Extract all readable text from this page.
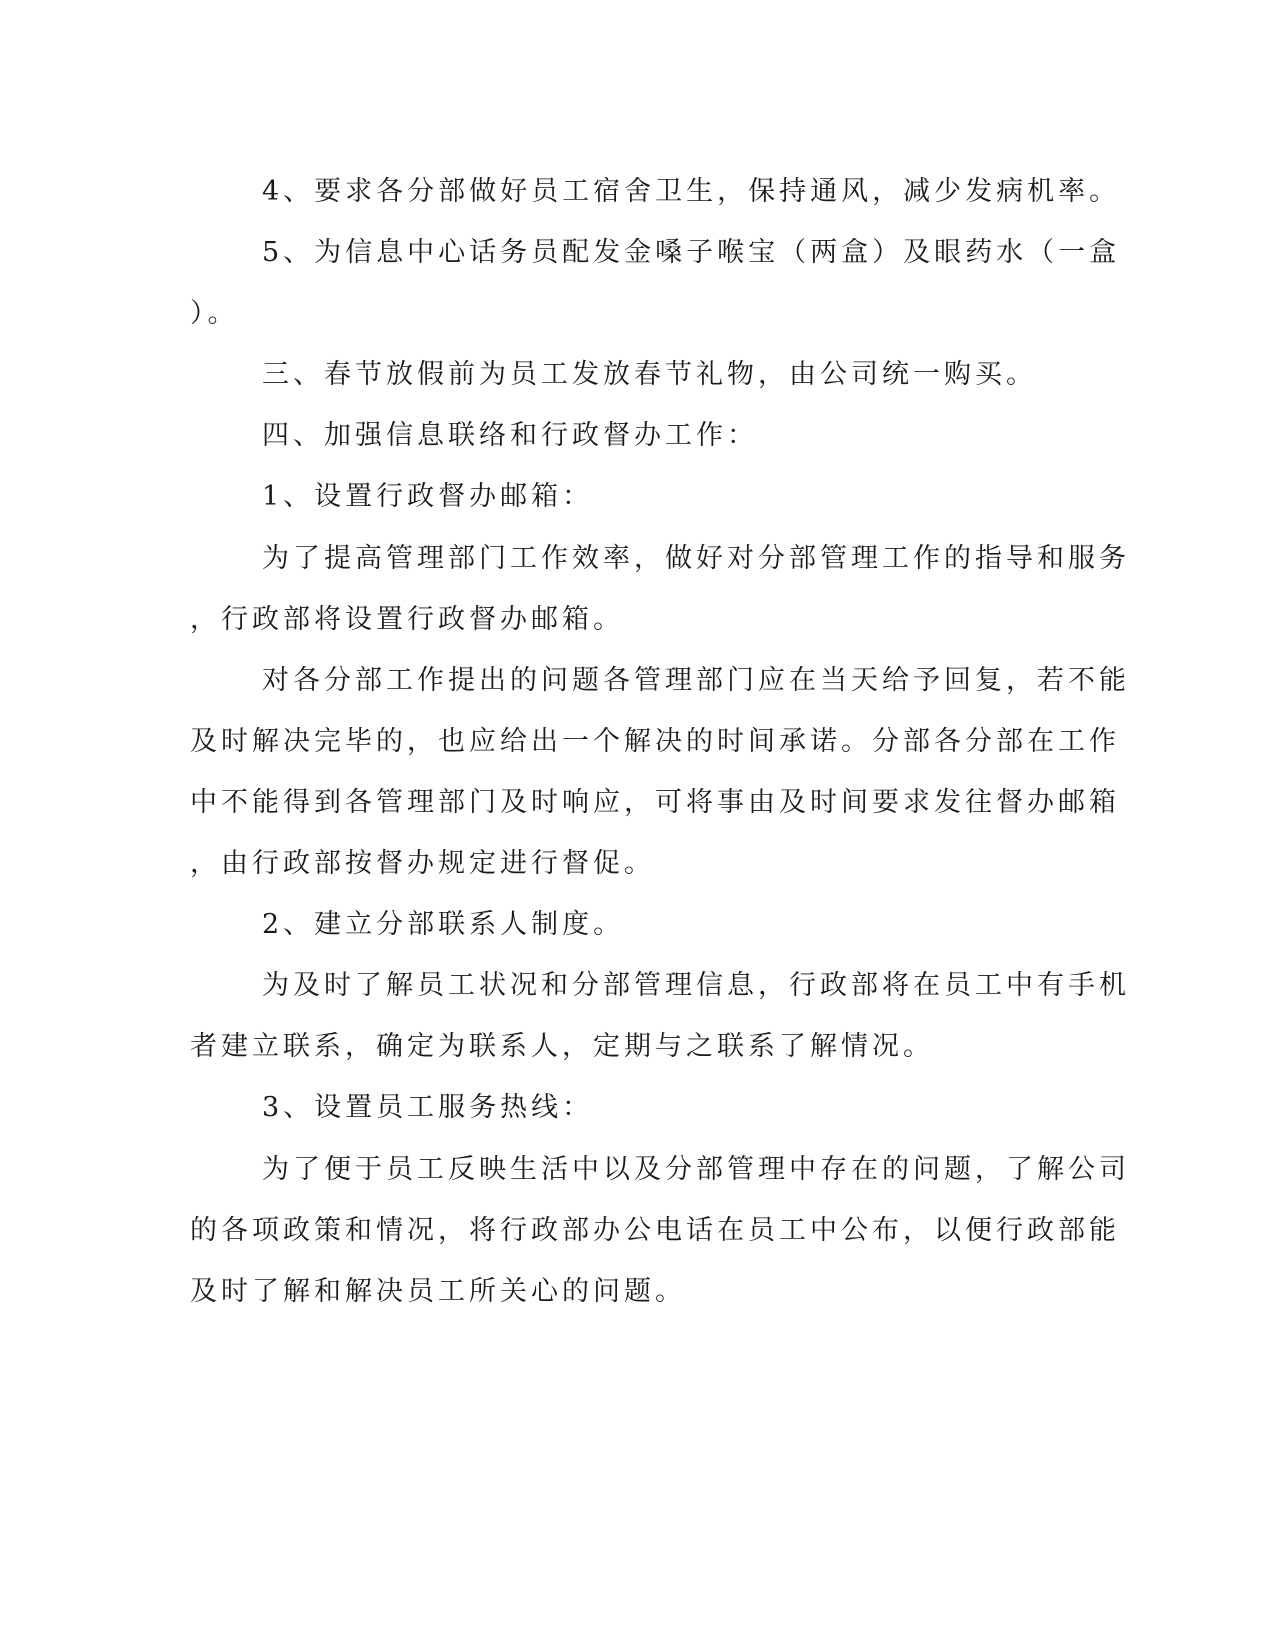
4、要求各分部做好员工宿舍卫生，保持通风，减少发病机率。
5、为信息中心话务员配发金嗓子喉宝（两盒）及眼药水（一盒
）。
三、春节放假前为员工发放春节礼物，由公司统一购买。
四、加强信息联络和行政督办工作：
1、设置行政督办邮箱：
为了提高管理部门工作效率，做好对分部管理工作的指导和服务
，行政部将设置行政督办邮箱。
对各分部工作提出的问题各管理部门应在当天给予回复，若不能
及时解决完毕的，也应给出一个解决的时间承诺。分部各分部在工作
中不能得到各管理部门及时响应，可将事由及时间要求发往督办邮箱
，由行政部按督办规定进行督促。
2、建立分部联系人制度。
为及时了解员工状况和分部管理信息，行政部将在员工中有手机
者建立联系，确定为联系人，定期与之联系了解情况。
3、设置员工服务热线：
为了便于员工反映生活中以及分部管理中存在的问题，了解公司
的各项政策和情况，将行政部办公电话在员工中公布，以便行政部能
及时了解和解决员工所关心的问题。
